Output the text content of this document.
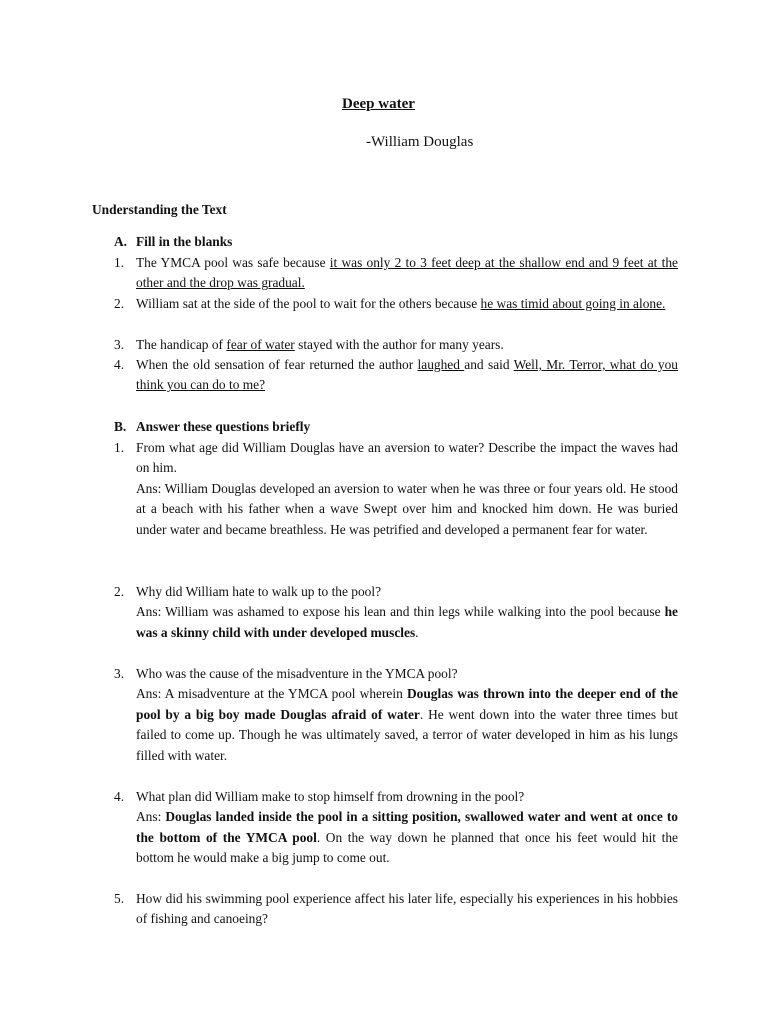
Deep water
-William Douglas
Understanding the Text
A. Fill in the blanks
1. The YMCA pool was safe because it was only 2 to 3 feet deep at the shallow end and 9 feet at the other and the drop was gradual.
2. William sat at the side of the pool to wait for the others because he was timid about going in alone.
3. The handicap of fear of water stayed with the author for many years.
4. When the old sensation of fear returned the author laughed and said Well, Mr. Terror, what do you think you can do to me?
B. Answer these questions briefly
1. From what age did William Douglas have an aversion to water? Describe the impact the waves had on him.
Ans: William Douglas developed an aversion to water when he was three or four years old. He stood at a beach with his father when a wave Swept over him and knocked him down. He was buried under water and became breathless. He was petrified and developed a permanent fear for water.
2. Why did William hate to walk up to the pool?
Ans: William was ashamed to expose his lean and thin legs while walking into the pool because he was a skinny child with under developed muscles.
3. Who was the cause of the misadventure in the YMCA pool?
Ans: A misadventure at the YMCA pool wherein Douglas was thrown into the deeper end of the pool by a big boy made Douglas afraid of water. He went down into the water three times but failed to come up. Though he was ultimately saved, a terror of water developed in him as his lungs filled with water.
4. What plan did William make to stop himself from drowning in the pool?
Ans: Douglas landed inside the pool in a sitting position, swallowed water and went at once to the bottom of the YMCA pool. On the way down he planned that once his feet would hit the bottom he would make a big jump to come out.
5. How did his swimming pool experience affect his later life, especially his experiences in his hobbies of fishing and canoeing?
